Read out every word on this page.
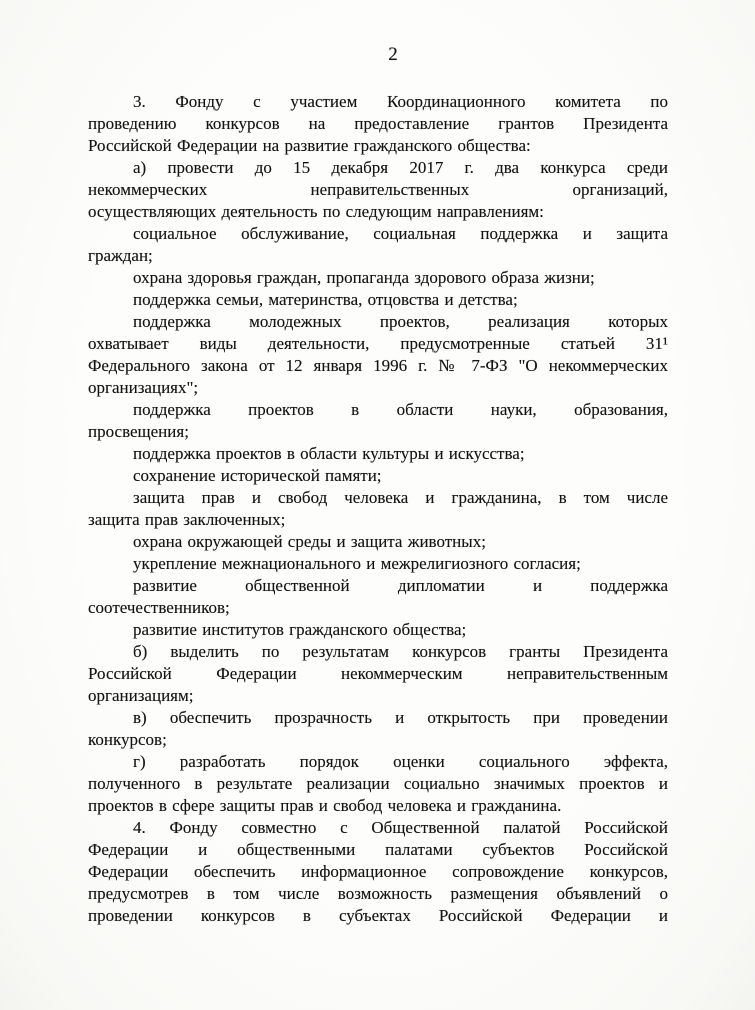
2
3. Фонду с участием Координационного комитета по
проведению конкурсов на предоставление грантов Президента
Российской Федерации на развитие гражданского общества:
а) провести до 15 декабря 2017 г. два конкурса среди
некоммерческих неправительственных организаций,
осуществляющих деятельность по следующим направлениям:
социальное обслуживание, социальная поддержка и защита
граждан;
охрана здоровья граждан, пропаганда здорового образа жизни;
поддержка семьи, материнства, отцовства и детства;
поддержка молодежных проектов, реализация которых
охватывает виды деятельности, предусмотренные статьей 31¹
Федерального закона от 12 января 1996 г. № 7-ФЗ "О некоммерческих
организациях";
поддержка проектов в области науки, образования,
просвещения;
поддержка проектов в области культуры и искусства;
сохранение исторической памяти;
защита прав и свобод человека и гражданина, в том числе
защита прав заключенных;
охрана окружающей среды и защита животных;
укрепление межнационального и межрелигиозного согласия;
развитие общественной дипломатии и поддержка
соотечественников;
развитие институтов гражданского общества;
б) выделить по результатам конкурсов гранты Президента
Российской Федерации некоммерческим неправительственным
организациям;
в) обеспечить прозрачность и открытость при проведении
конкурсов;
г) разработать порядок оценки социального эффекта,
полученного в результате реализации социально значимых проектов и
проектов в сфере защиты прав и свобод человека и гражданина.
4. Фонду совместно с Общественной палатой Российской
Федерации и общественными палатами субъектов Российской
Федерации обеспечить информационное сопровождение конкурсов,
предусмотрев в том числе возможность размещения объявлений о
проведении конкурсов в субъектах Российской Федерации и
